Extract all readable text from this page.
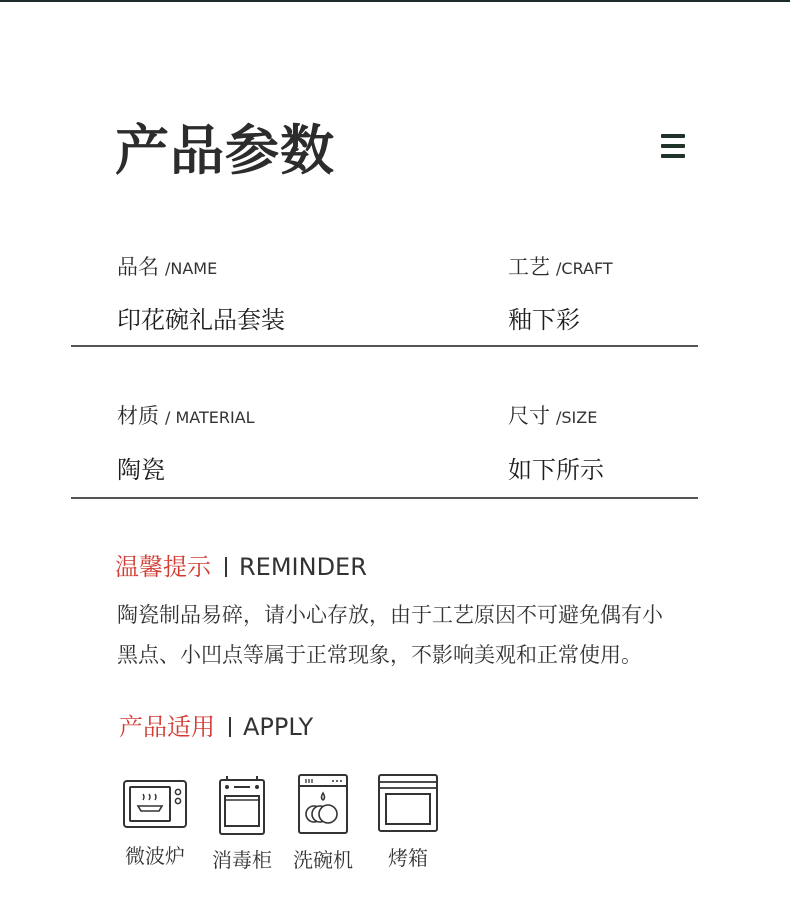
产品参数
品名 /NAME
印花碗礼品套装
工艺 /CRAFT
釉下彩
材质 / MATERIAL
陶瓷
尺寸 /SIZE
如下所示
温馨提示 REMINDER
陶瓷制品易碎，请小心存放，由于工艺原因不可避免偶有小
黑点、小凹点等属于正常现象，不影响美观和正常使用。
产品适用 APPLY
微波炉	消毒柜	洗碗机	烤箱
